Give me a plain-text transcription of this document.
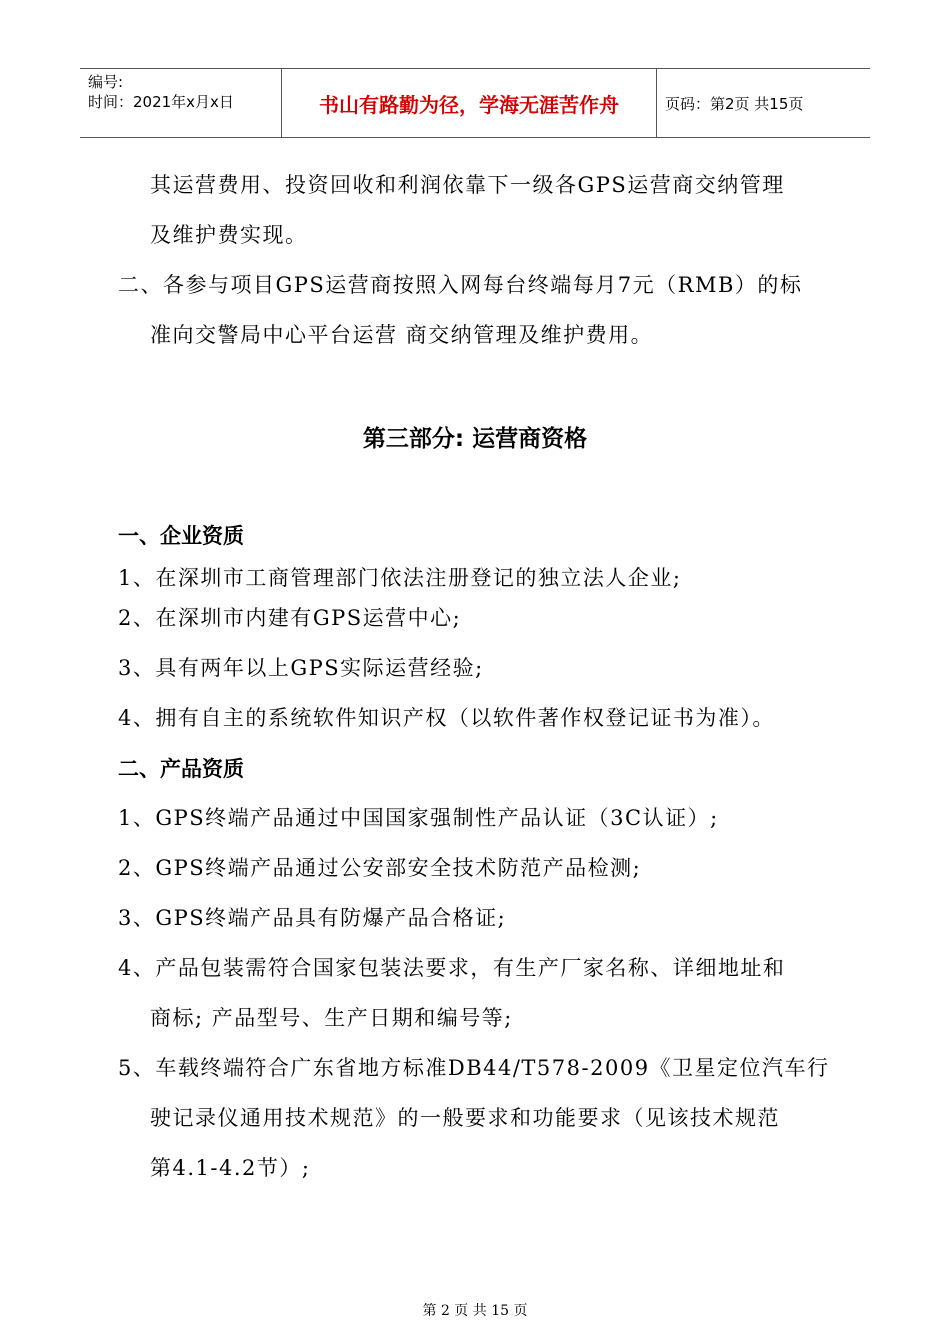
编号:
时间：2021年x月x日	书山有路勤为径，学海无涯苦作舟	页码：第2页 共15页
其运营费用、投资回收和利润依靠下一级各GPS运营商交纳管理
及维护费实现。
二、各参与项目GPS运营商按照入网每台终端每月7元（RMB）的标
准向交警局中心平台运营 商交纳管理及维护费用。
第三部分: 运营商资格
一、企业资质
1、在深圳市工商管理部门依法注册登记的独立法人企业;
2、在深圳市内建有GPS运营中心;
3、具有两年以上GPS实际运营经验;
4、拥有自主的系统软件知识产权（以软件著作权登记证书为准）。
二、产品资质
1、GPS终端产品通过中国国家强制性产品认证（3C认证）;
2、GPS终端产品通过公安部安全技术防范产品检测;
3、GPS终端产品具有防爆产品合格证;
4、产品包装需符合国家包装法要求，有生产厂家名称、详细地址和
商标; 产品型号、生产日期和编号等;
5、车载终端符合广东省地方标准DB44/T578-2009《卫星定位汽车行
驶记录仪通用技术规范》的一般要求和功能要求（见该技术规范
第4.1-4.2节）;
第 2 页 共 15 页
